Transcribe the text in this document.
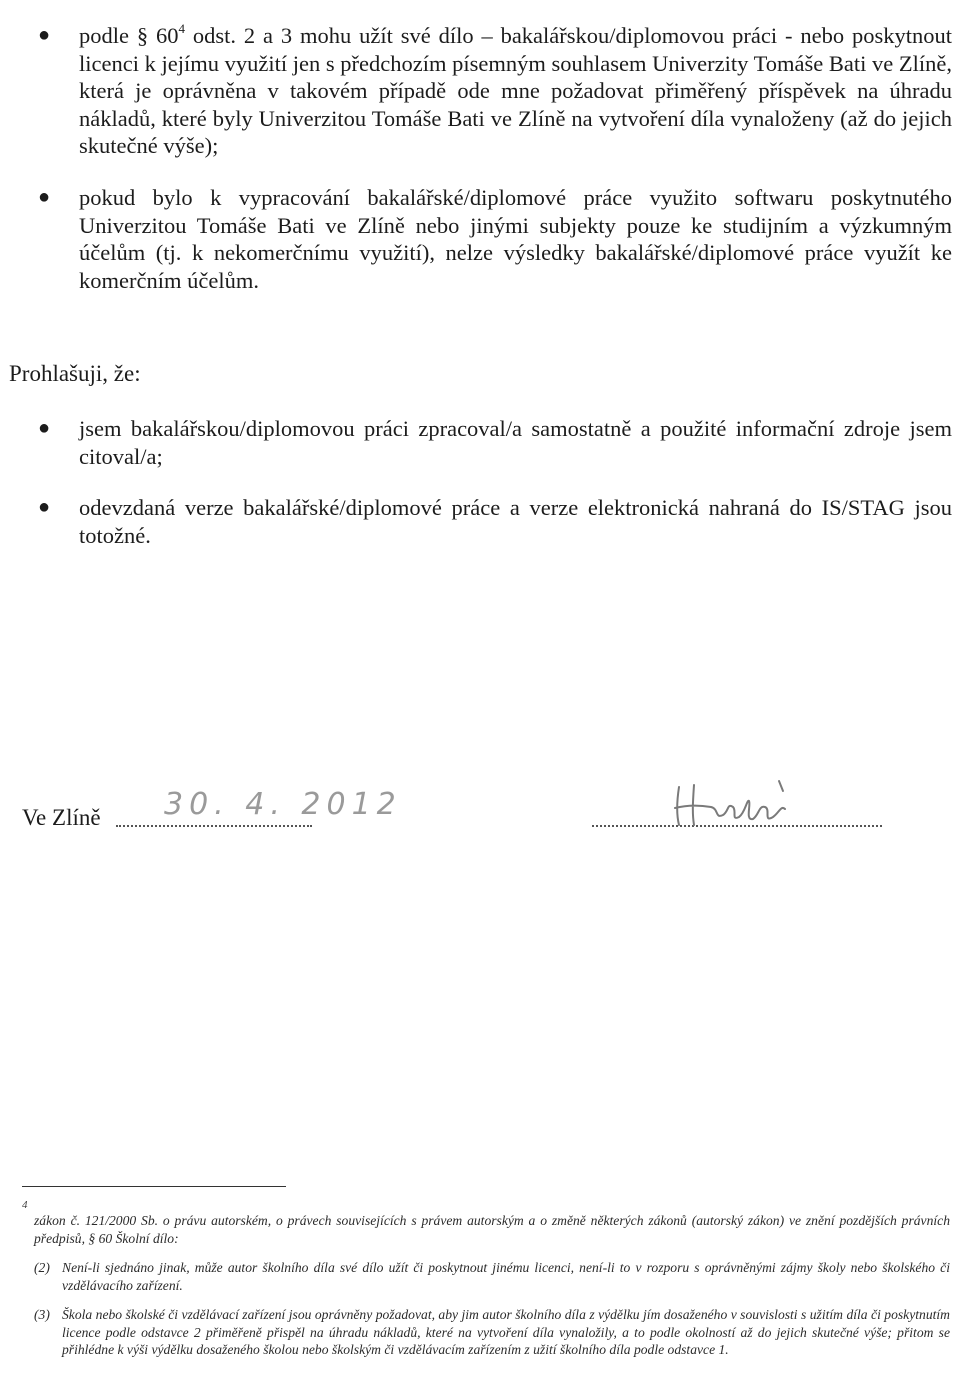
● podle § $60^4$ odst. 2 a 3 mohu užít své dílo – bakalářskou/diplomovou práci - nebo poskytnout licenci k jejímu využití jen s předchozím písemným souhlasem Univerzity Tomáše Bati ve Zlíně, která je oprávněna v takovém případě ode mne požadovat přiměřený příspěvek na úhradu nákladů, které byly Univerzitou Tomáše Bati ve Zlíně na vytvoření díla vynaloženy (až do jejich skutečné výše);
● pokud bylo k vypracování bakalářské/diplomové práce využito softwaru poskytnutého Univerzitou Tomáše Bati ve Zlíně nebo jinými subjekty pouze ke studijním a výzkumným účelům (tj. k nekomerčnímu využití), nelze výsledky bakalářské/diplomové práce využít ke komerčním účelům.
Prohlašuji, že:
● jsem bakalářskou/diplomovou práci zpracoval/a samostatně a použité informační zdroje jsem citoval/a;
● odevzdaná verze bakalářské/diplomové práce a verze elektronická nahraná do IS/STAG jsou totožné.
Ve Zlíně 30. 4. 2012
4

zákon č. 121/2000 Sb. o právu autorském, o právech souvisejících s právem autorským a o změně některých zákonů (autorský zákon) ve znění pozdějších právních předpisů, § 60 Školní dílo:

(2) Není-li sjednáno jinak, může autor školního díla své dílo užít či poskytnout jinému licenci, není-li to v rozporu s oprávněnými zájmy školy nebo školského či vzdělávacího zařízení.

(3) Škola nebo školské či vzdělávací zařízení jsou oprávněny požadovat, aby jim autor školního díla z výdělku jím dosaženého v souvislosti s užitím díla či poskytnutím licence podle odstavce 2 přiměřeně přispěl na úhradu nákladů, které na vytvoření díla vynaložily, a to podle okolností až do jejich skutečné výše; přitom se přihlédne k výši výdělku dosaženého školou nebo školským či vzdělávacím zařízením z užití školního díla podle odstavce 1.
